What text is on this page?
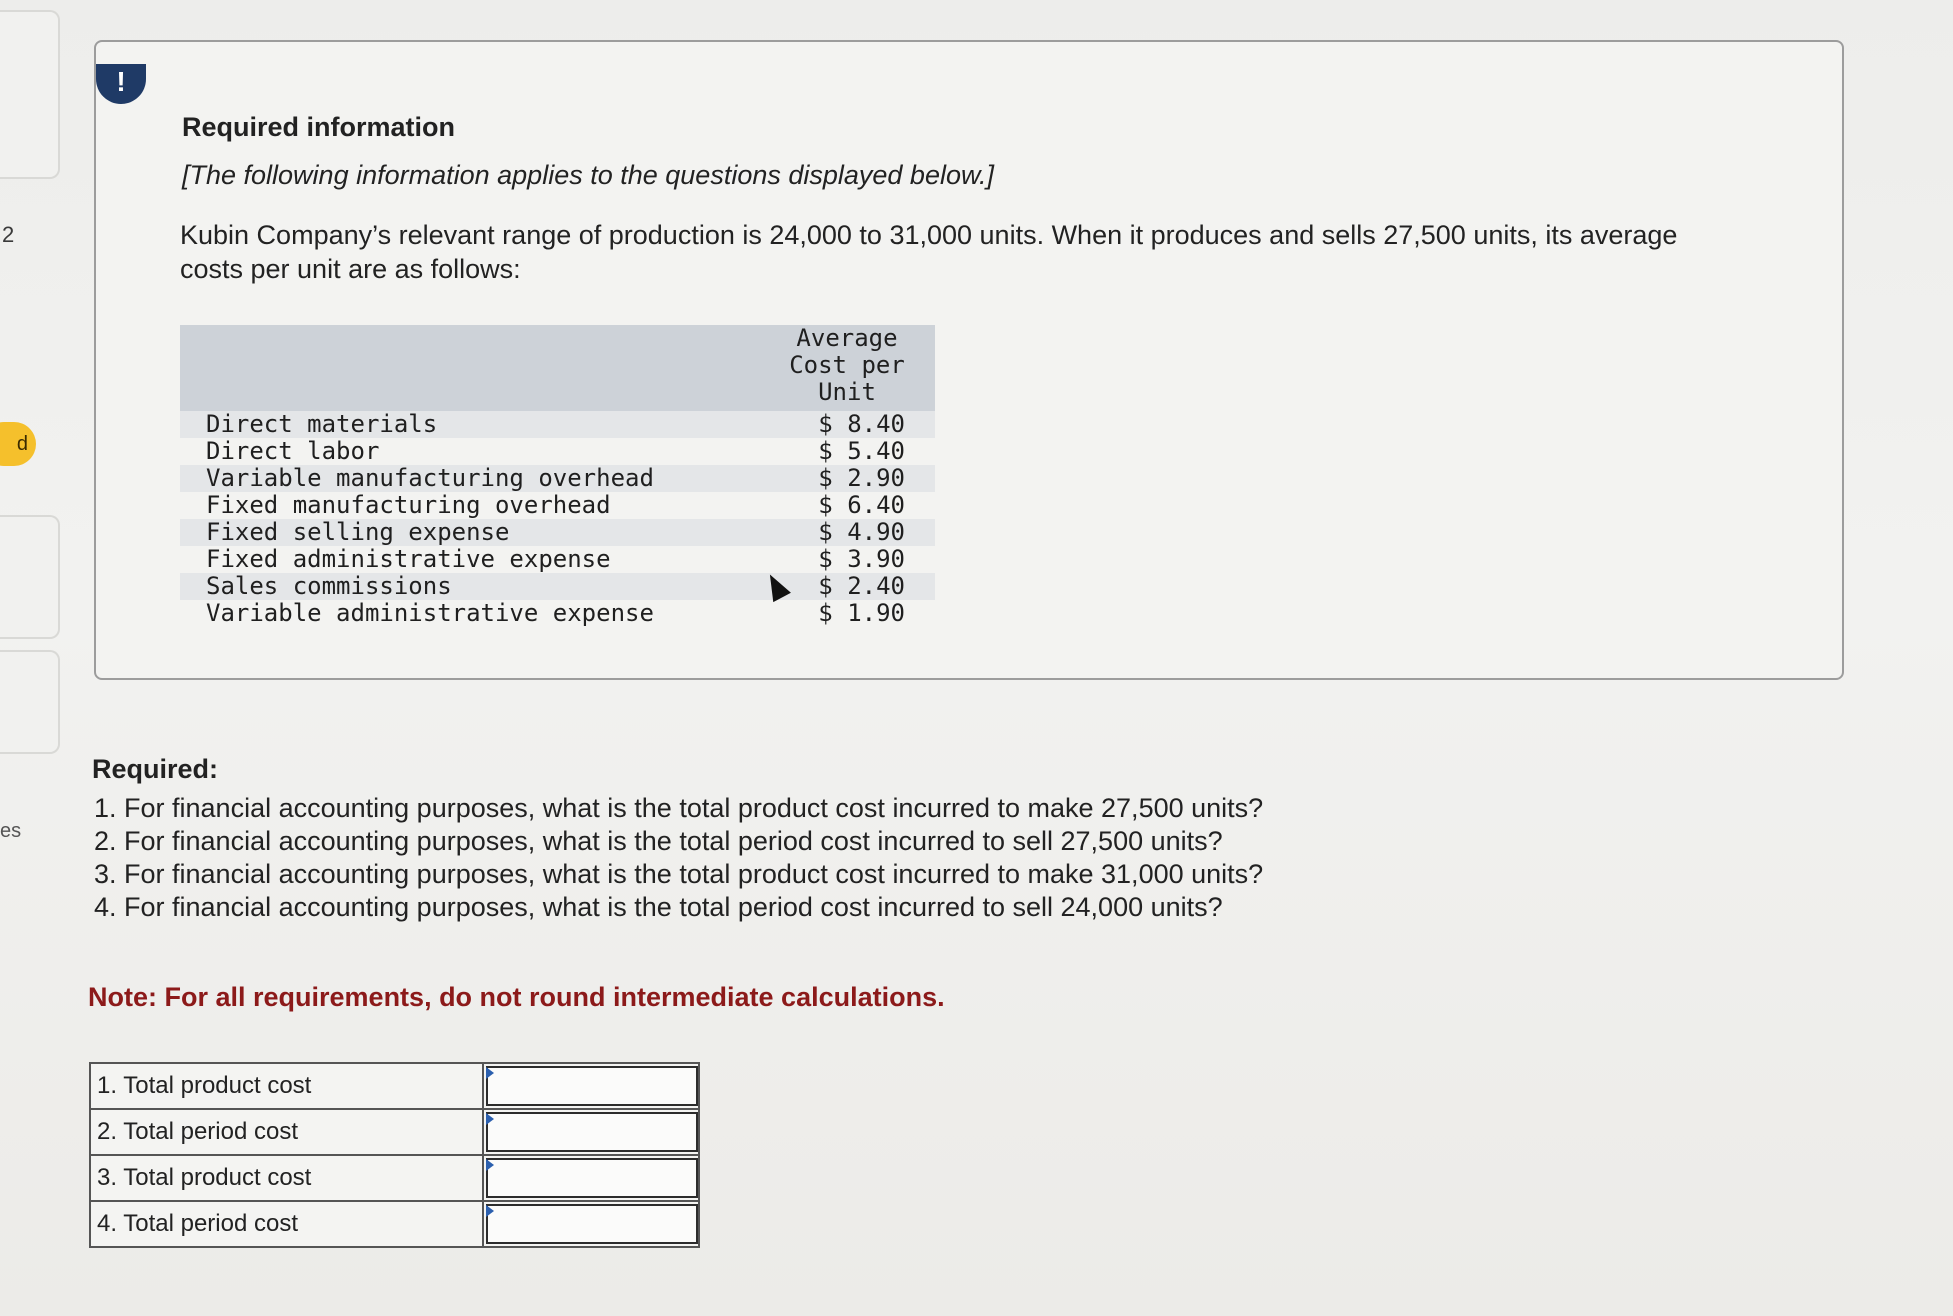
2
d
es
!
Required information
[The following information applies to the questions displayed below.]
Kubin Company’s relevant range of production is 24,000 to 31,000 units. When it produces and sells 27,500 units, its average costs per unit are as follows:
Average
Cost per
Unit
Direct materials	$ 8.40
Direct labor	$ 5.40
Variable manufacturing overhead	$ 2.90
Fixed manufacturing overhead	$ 6.40
Fixed selling expense	$ 4.90
Fixed administrative expense	$ 3.90
Sales commissions	$ 2.40
Variable administrative expense	$ 1.90
Required:
1. For financial accounting purposes, what is the total product cost incurred to make 27,500 units?
2. For financial accounting purposes, what is the total period cost incurred to sell 27,500 units?
3. For financial accounting purposes, what is the total product cost incurred to make 31,000 units?
4. For financial accounting purposes, what is the total period cost incurred to sell 24,000 units?
Note: For all requirements, do not round intermediate calculations.
1. Total product cost
2. Total period cost
3. Total product cost
4. Total period cost
